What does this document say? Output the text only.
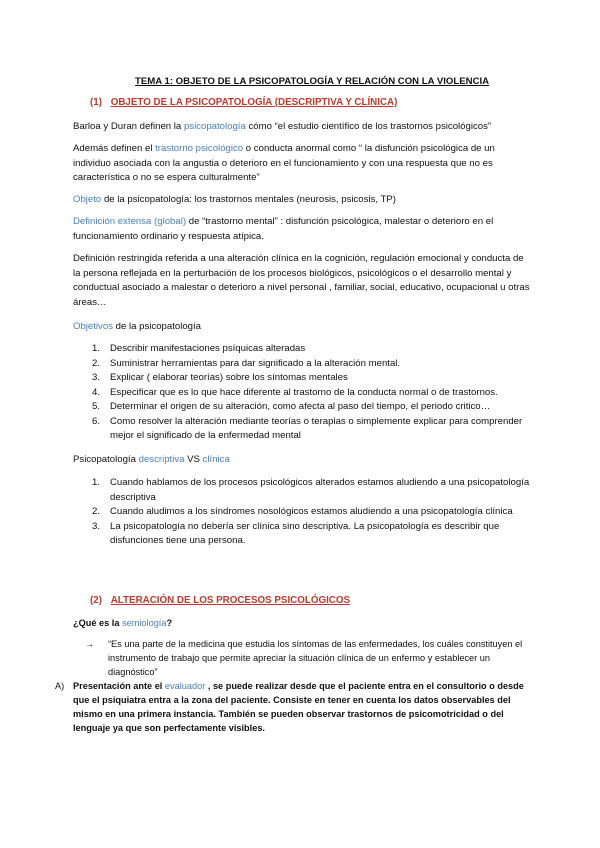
TEMA 1: OBJETO DE LA PSICOPATOLOGÍA Y RELACIÓN CON LA VIOLENCIA
(1) OBJETO DE LA PSICOPATOLOGÍA (DESCRIPTIVA Y CLÍNICA)
Barloa y Duran definen la psicopatología cómo “el estudio científico de los trastornos psicológicos”
Además definen el trastorno psicológico o conducta anormal como “ la disfunción psicológica de un individuo asociada con la angustia o deterioro en el funcionamiento y con una respuesta que no es característica o no se espera culturalmente”
Objeto de la psicopatología: los trastornos mentales (neurosis, psicosis, TP)
Definición extensa (global) de “trastorno mental” : disfunción psicológica, malestar o deterioro en el funcionamiento ordinario y respuesta atípica.
Definición restringida referida a una alteración clínica en la cognición, regulación emocional y conducta de la persona reflejada en la perturbación de los procesos biológicos, psicológicos o el desarrollo mental y conductual asociado a malestar o deterioro a nivel personal , familiar, social, educativo, ocupacional u otras áreas…
Objetivos de la psicopatología
1. Describir manifestaciones psíquicas alteradas
2. Suministrar herramientas para dar significado a la alteración mental.
3. Explicar ( elaborar teorías) sobre los síntomas mentales
4. Especificar que es lo que hace diferente al trastorno de la conducta normal o de trastornos.
5. Determinar el origen de su alteración, como afecta al paso del tiempo, el periodo critico…
6. Como resolver la alteración mediante teorías o terapias o simplemente explicar para comprender mejor el significado de la enfermedad mental
Psicopatología descriptiva VS clínica
1. Cuando hablamos de los procesos psicológicos alterados estamos aludiendo a una psicopatología descriptiva
2. Cuando aludimos a los síndromes nosológicos estamos aludiendo a una psicopatología clínica
3. La psicopatología no debería ser clínica sino descriptiva. La psicopatología es describir que disfunciones tiene una persona.
(2) ALTERACIÓN DE LOS PROCESOS PSICOLÓGICOS
¿Qué es la semiología?
→ “Es una parte de la medicina que estudia los síntomas de las enfermedades, los cuáles constituyen el instrumento de trabajo que permite apreciar la situación clínica de un enfermo y establecer un diagnóstico”
A) Presentación ante el evaluador , se puede realizar desde que el paciente entra en el consultorio o desde que el psiquiatra entra a la zona del paciente. Consiste en tener en cuenta los datos observables del mismo en una primera instancia. También se pueden observar trastornos de psicomotricidad o del lenguaje ya que son perfectamente visibles.
